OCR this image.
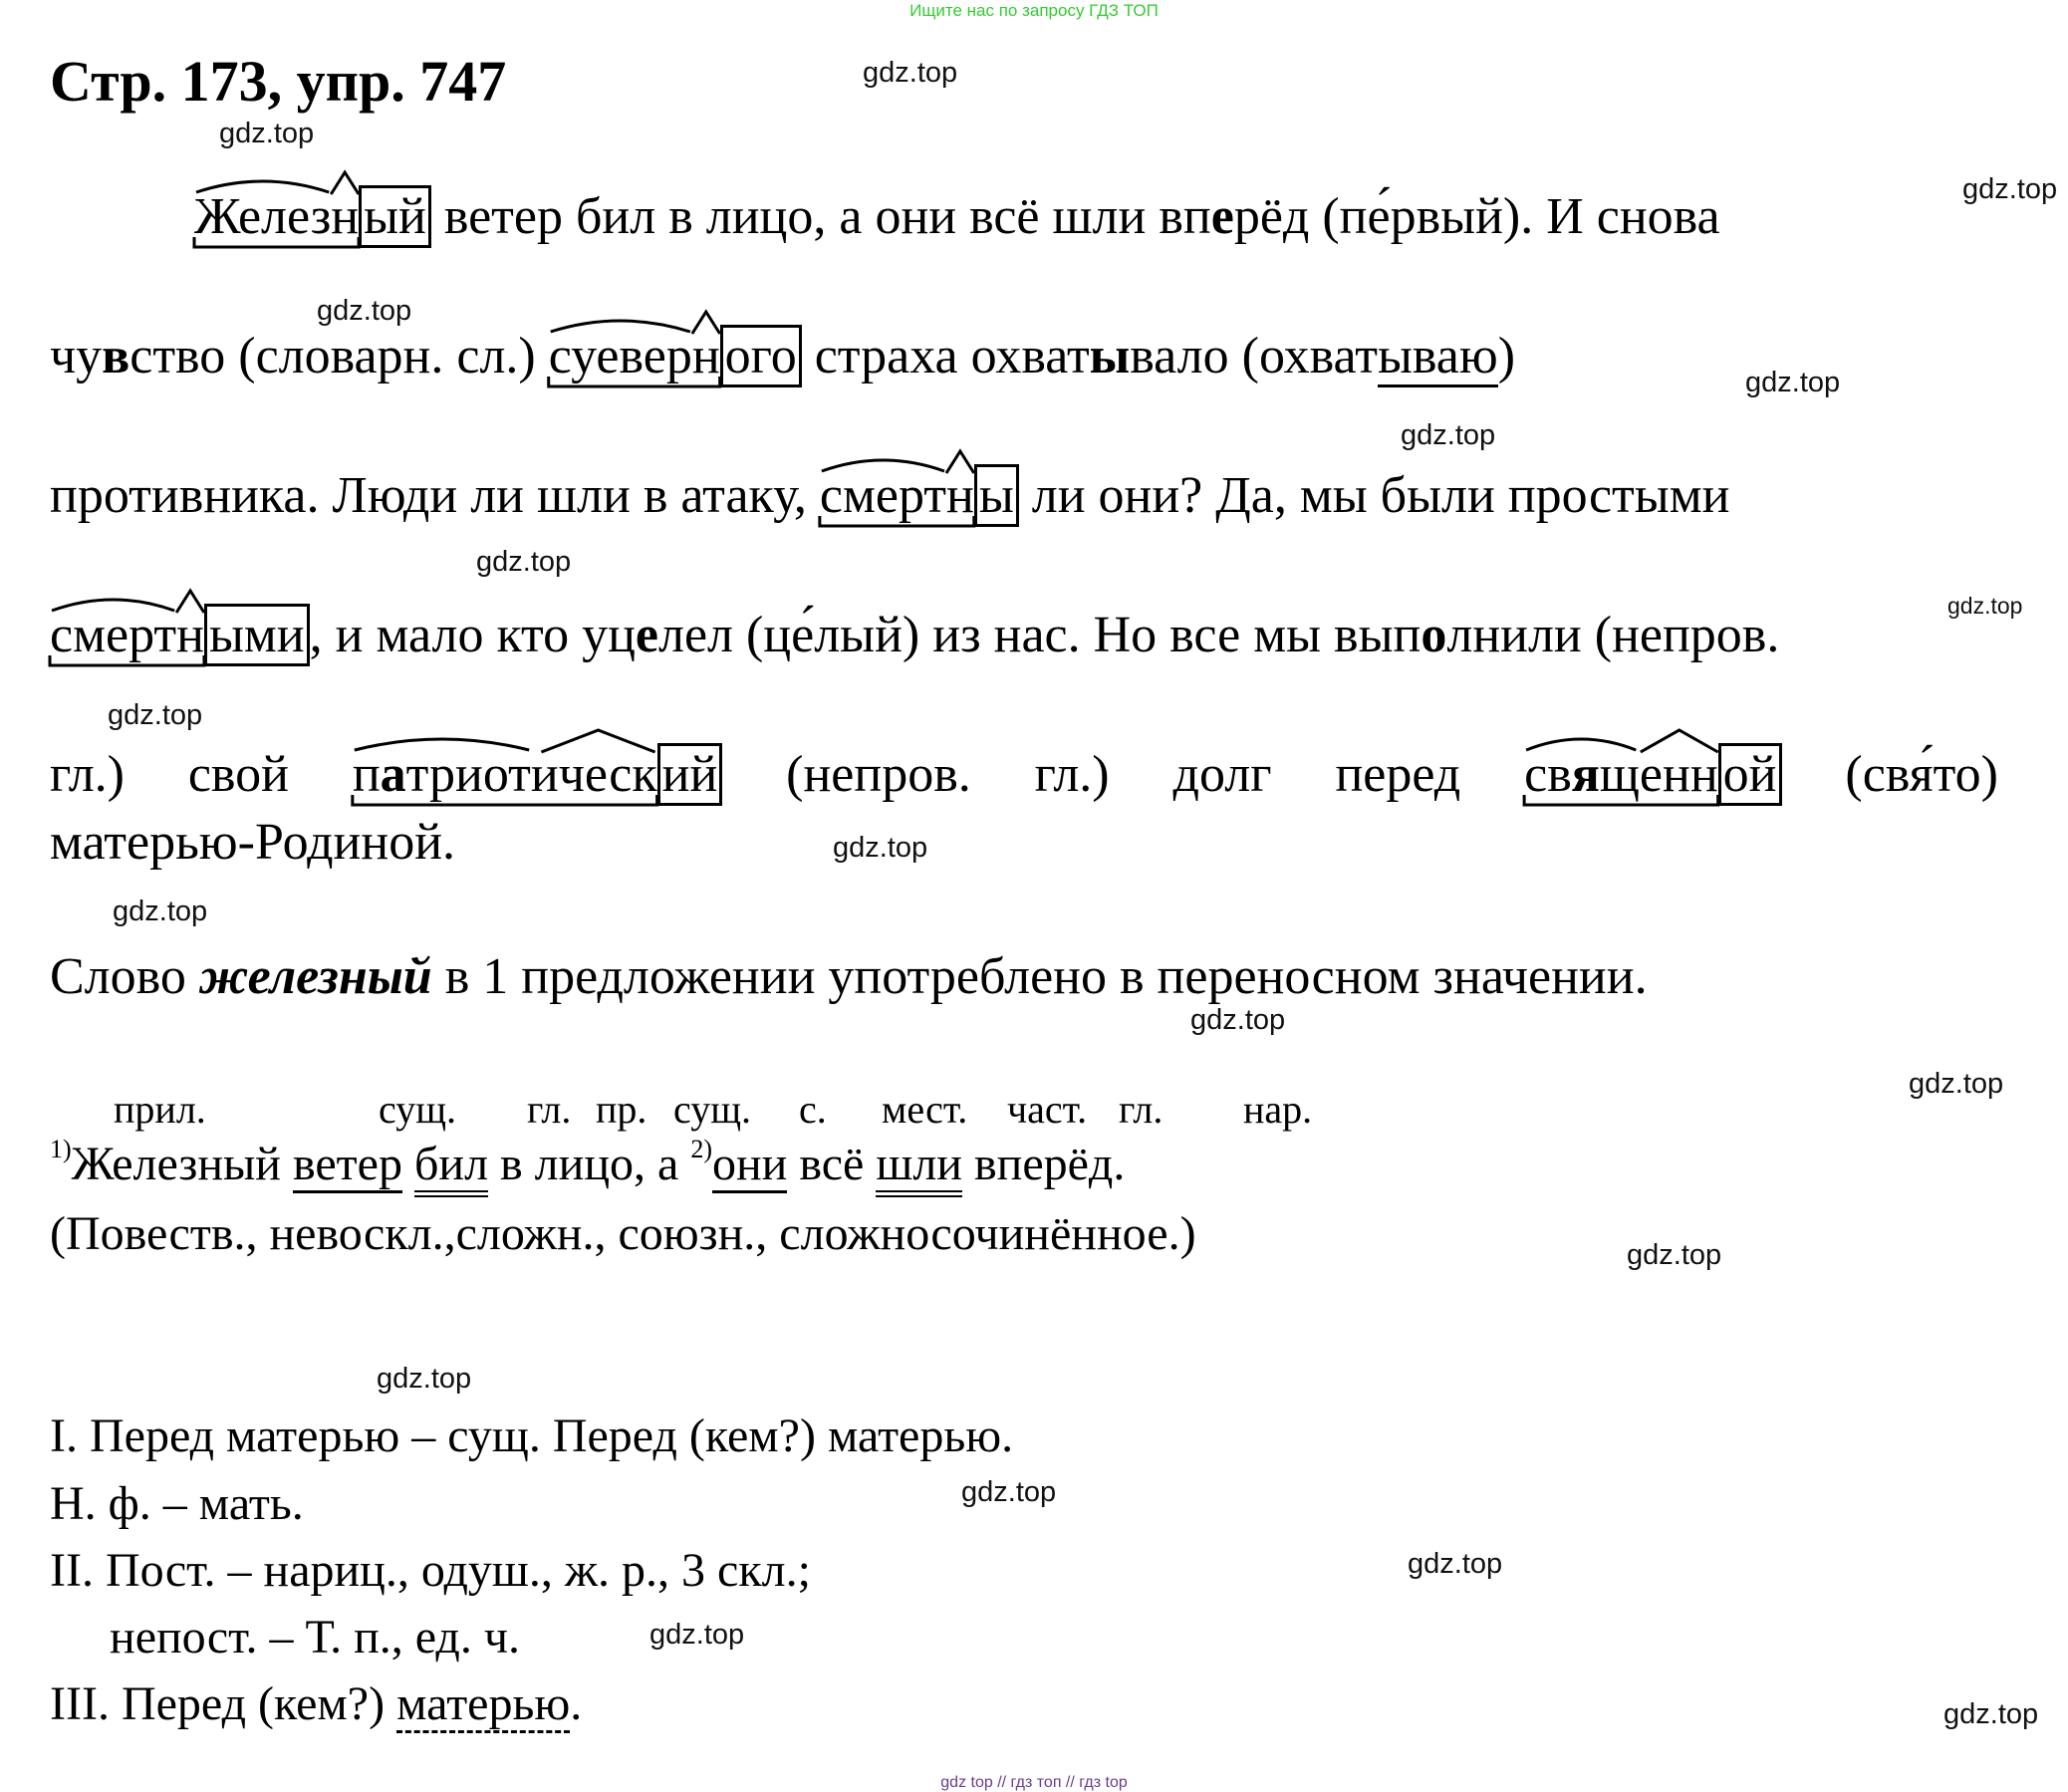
Ищите нас по запросу ГДЗ ТОП
Стр. 173, упр. 747	gdz.top
gdz.top
gdz.top
gdz.top
gdz.top
gdz.top
gdz.top
gdz.top
gdz.top
gdz.top
gdz.top
gdz.top
gdz.top
gdz.top
gdz.top
gdz.top
gdz.top
gdz.top
gdz.top
Железный ветер бил в лицо, а они всё шли вперёд (пе́рвый). И снова
чувство (словарн. сл.) суеверного страха охватывало (охватываю)
противника. Люди ли шли в атаку, смертны ли они? Да, мы были простыми
смертными, и мало кто уцелел (це́лый) из нас. Но все мы выполнили (непров.
гл.) свой патриотический (непров. гл.) долг перед священной (свя́то)
матерью-Родиной.
Слово железный в 1 предложении употреблено в переносном значении.
прил.	сущ. гл. пр. сущ. с. мест. част. гл. нар.
$^{1)}$Железный ветер бил в лицо, а $^{2)}$они всё шли вперёд.
(Повеств., невоскл.,сложн., союзн., сложносочинённое.)
I. Перед матерью – сущ. Перед (кем?) матерью.
Н. ф. – мать.
II. Пост. – нариц., одуш., ж. р., 3 скл.;
непост. – Т. п., ед. ч.
III. Перед (кем?) матерью.
gdz top // гдз топ // гдз top
